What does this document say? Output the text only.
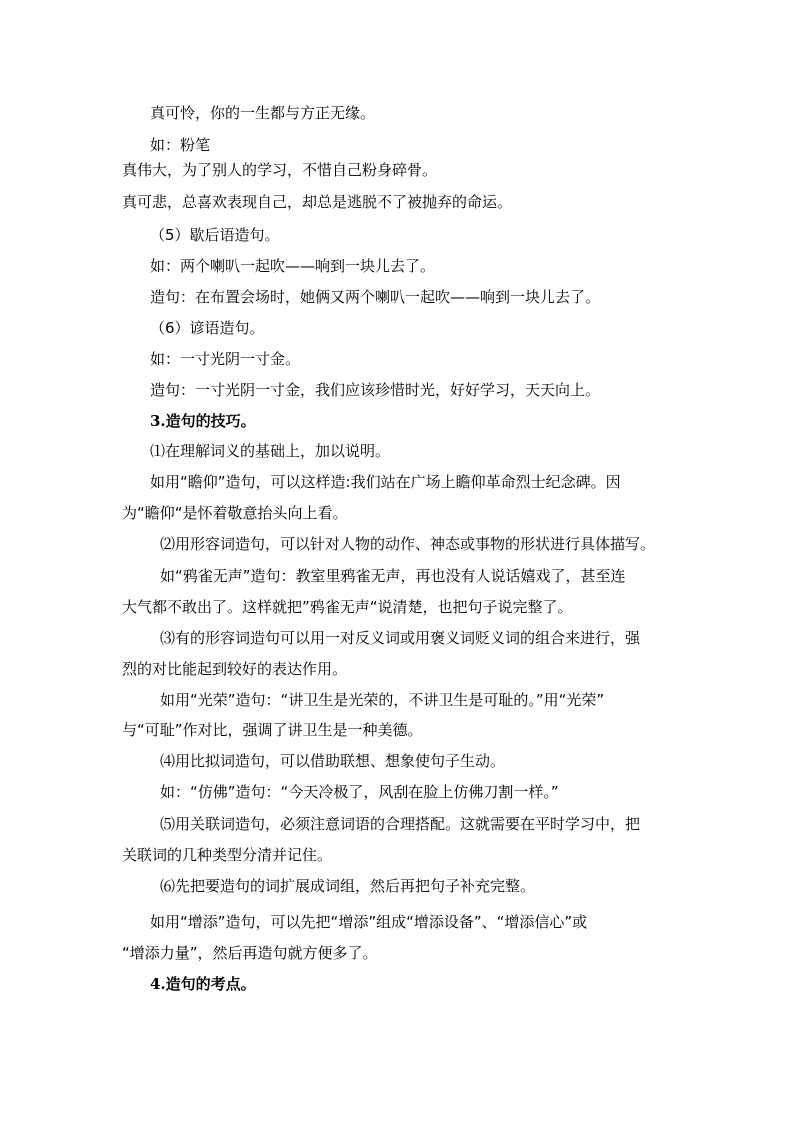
真可怜，你的一生都与方正无缘。

如：粉笔

真伟大，为了别人的学习，不惜自己粉身碎骨。

真可悲，总喜欢表现自己，却总是逃脱不了被抛弃的命运。

（5）歇后语造句。

如：两个喇叭一起吹——响到一块儿去了。

造句：在布置会场时，她俩又两个喇叭一起吹——响到一块儿去了。

（6）谚语造句。

如：一寸光阴一寸金。

造句：一寸光阴一寸金，我们应该珍惜时光，好好学习，天天向上。

3.造句的技巧。

⑴在理解词义的基础上，加以说明。

如用“瞻仰”造句，可以这样造:我们站在广场上瞻仰革命烈士纪念碑。因

为“瞻仰“是怀着敬意抬头向上看。

⑵用形容词造句，可以针对人物的动作、神态或事物的形状进行具体描写。

如“鸦雀无声”造句：教室里鸦雀无声，再也没有人说话嬉戏了，甚至连

大气都不敢出了。这样就把”鸦雀无声“说清楚，也把句子说完整了。

⑶有的形容词造句可以用一对反义词或用褒义词贬义词的组合来进行，强

烈的对比能起到较好的表达作用。

如用“光荣”造句：“讲卫生是光荣的，不讲卫生是可耻的。”用“光荣”

与“可耻”作对比，强调了讲卫生是一种美德。

⑷用比拟词造句，可以借助联想、想象使句子生动。

如：“仿佛”造句：“今天冷极了，风刮在脸上仿佛刀割一样。”

⑸用关联词造句，必须注意词语的合理搭配。这就需要在平时学习中，把

关联词的几种类型分清并记住。

⑹先把要造句的词扩展成词组，然后再把句子补充完整。

如用“增添”造句，可以先把“增添”组成“增添设备”、“增添信心”或

“增添力量”，然后再造句就方便多了。

4.造句的考点。
